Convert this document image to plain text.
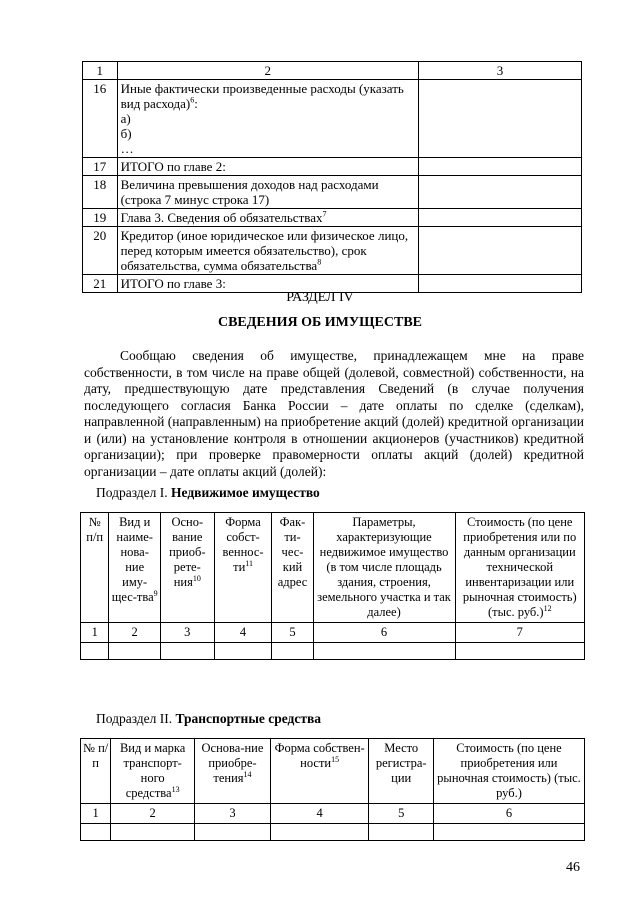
1	2	3
16	Иные фактически произведенные расходы (указать
вид расхода)$^6$:
а)
б)
…	

17	ИТОГО по главе 2:	

18	Величина превышения доходов над расходами
(строка 7 минус строка 17)	

19	Глава 3. Сведения об обязательствах$^7$

20	Кредитор (иное юридическое или физическое лицо,
перед которым имеется обязательство), срок
обязательства, сумма обязательства$^8$

21	ИТОГО по главе 3:	

РАЗДЕЛ IV
СВЕДЕНИЯ ОБ ИМУЩЕСТВЕ
Сообщаю сведения об имуществе, принадлежащем мне на праве собственности, в том числе на праве общей (долевой, совместной) собственности, на дату, предшествующую дате представления Сведений (в случае получения последующего согласия Банка России – дате оплаты по сделке (сделкам), направленной (направленным) на приобретение акций (долей) кредитной организации и (или) на установление контроля в отношении акционеров (участников) кредитной организации); при проверке правомерности оплаты акций (долей) кредитной организации – дате оплаты акций (долей):
Подраздел I. Недвижимое имущество
№ п/п	Вид и наиме-нова-ние иму-щес-тва$^9$	Осно-вание приоб-рете-ния$^{10}$	Форма собст-$веннос-ти^{11}$	Фак-ти-чес-кий адрес	Параметры, характеризующие недвижимое имущество (в том числе площадь здания, строения, земельного участка и так далее)	Стоимость (по цене приобретения или по данным организации технической инвентаризации или рыночная стоимость) (тыс. руб.)$^{12}$
1	2	3	4	5	6	7

Подраздел II. Транспортные средства
№ п/п	Вид и марка транспорт-ного средства$^{13}$	Основа-ние приобре-тения$^{14}$	Форма собствен-ности$^{15}$	Место регистра-ции	Стоимость (по цене приобретения или рыночная стоимость) (тыс. руб.)
1	2	3	4	5	6

46
